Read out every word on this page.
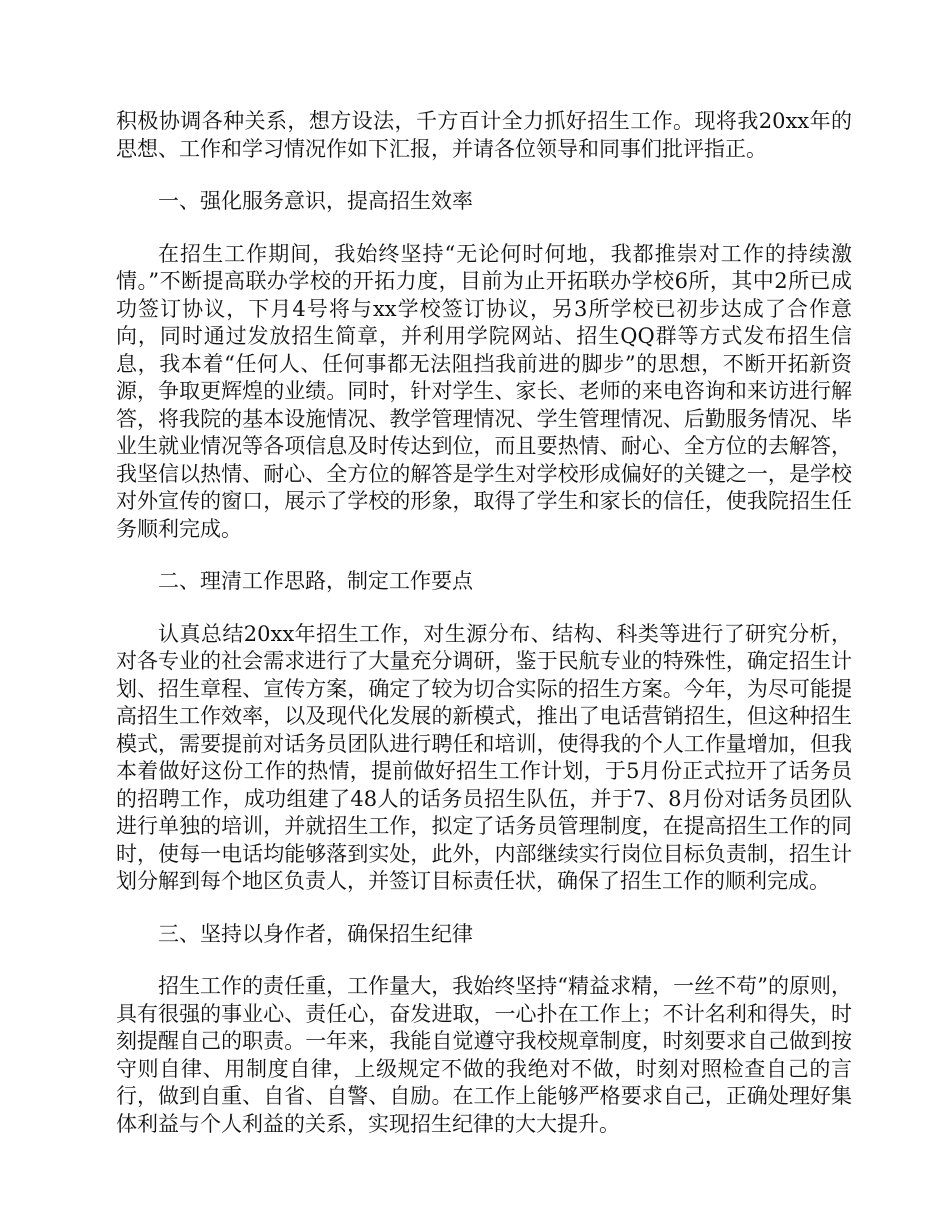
积极协调各种关系，想方设法，千方百计全力抓好招生工作。现将我20xx年的思想、工作和学习情况作如下汇报，并请各位领导和同事们批评指正。

一、强化服务意识，提高招生效率

在招生工作期间，我始终坚持“无论何时何地，我都推崇对工作的持续激情。”不断提高联办学校的开拓力度，目前为止开拓联办学校6所，其中2所已成功签订协议，下月4号将与xx学校签订协议，另3所学校已初步达成了合作意向，同时通过发放招生简章，并利用学院网站、招生QQ群等方式发布招生信息，我本着“任何人、任何事都无法阻挡我前进的脚步”的思想，不断开拓新资源，争取更辉煌的业绩。同时，针对学生、家长、老师的来电咨询和来访进行解答，将我院的基本设施情况、教学管理情况、学生管理情况、后勤服务情况、毕业生就业情况等各项信息及时传达到位，而且要热情、耐心、全方位的去解答，我坚信以热情、耐心、全方位的解答是学生对学校形成偏好的关键之一，是学校对外宣传的窗口，展示了学校的形象，取得了学生和家长的信任，使我院招生任务顺利完成。

二、理清工作思路，制定工作要点

认真总结20xx年招生工作，对生源分布、结构、科类等进行了研究分析，对各专业的社会需求进行了大量充分调研，鉴于民航专业的特殊性，确定招生计划、招生章程、宣传方案，确定了较为切合实际的招生方案。今年，为尽可能提高招生工作效率，以及现代化发展的新模式，推出了电话营销招生，但这种招生模式，需要提前对话务员团队进行聘任和培训，使得我的个人工作量增加，但我本着做好这份工作的热情，提前做好招生工作计划，于5月份正式拉开了话务员的招聘工作，成功组建了48人的话务员招生队伍，并于7、8月份对话务员团队进行单独的培训，并就招生工作，拟定了话务员管理制度，在提高招生工作的同时，使每一电话均能够落到实处，此外，内部继续实行岗位目标负责制，招生计划分解到每个地区负责人，并签订目标责任状，确保了招生工作的顺利完成。

三、坚持以身作者，确保招生纪律

招生工作的责任重，工作量大，我始终坚持“精益求精，一丝不苟”的原则，具有很强的事业心、责任心，奋发进取，一心扑在工作上；不计名利和得失，时刻提醒自己的职责。一年来，我能自觉遵守我校规章制度，时刻要求自己做到按守则自律、用制度自律，上级规定不做的我绝对不做，时刻对照检查自己的言行，做到自重、自省、自警、自励。在工作上能够严格要求自己，正确处理好集体利益与个人利益的关系，实现招生纪律的大大提升。
